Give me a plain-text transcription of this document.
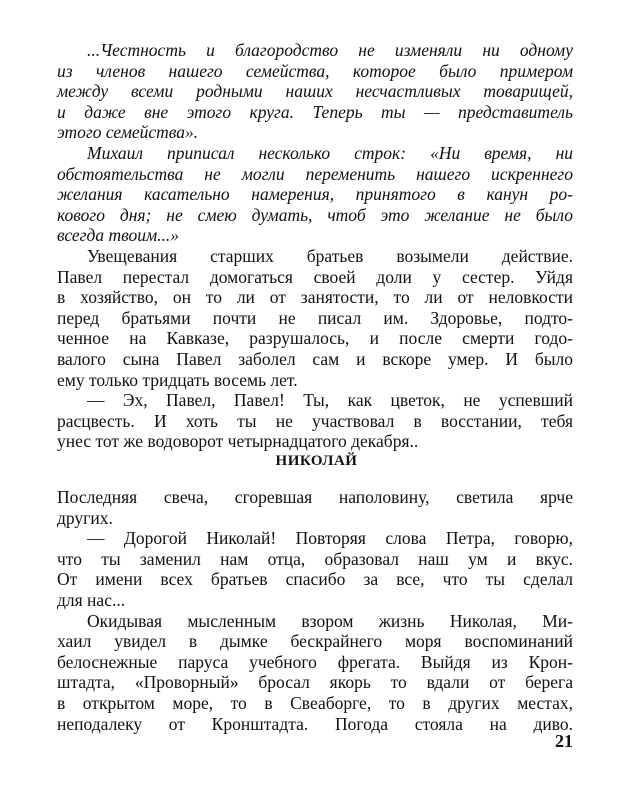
...Честность и благородство не изменяли ни одному
из членов нашего семейства, которое было примером
между всеми родными наших несчастливых товарищей,
и даже вне этого круга. Теперь ты — представитель
этого семейства».
Михаил приписал несколько строк: «Ни время, ни
обстоятельства не могли переменить нашего искреннего
желания касательно намерения, принятого в канун ро-
кового дня; не смею думать, чтоб это желание не было
всегда твоим...»
Увещевания старших братьев возымели действие.
Павел перестал домогаться своей доли у сестер. Уйдя
в хозяйство, он то ли от занятости, то ли от неловкости
перед братьями почти не писал им. Здоровье, подто-
ченное на Кавказе, разрушалось, и после смерти годо-
валого сына Павел заболел сам и вскоре умер. И было
ему только тридцать восемь лет.
— Эх, Павел, Павел! Ты, как цветок, не успевший
расцвесть. И хоть ты не участвовал в восстании, тебя
унес тот же водоворот четырнадцатого декабря..
НИКОЛАЙ
Последняя свеча, сгоревшая наполовину, светила ярче
других.
— Дорогой Николай! Повторяя слова Петра, говорю,
что ты заменил нам отца, образовал наш ум и вкус.
От имени всех братьев спасибо за все, что ты сделал
для нас...
Окидывая мысленным взором жизнь Николая, Ми-
хаил увидел в дымке бескрайнего моря воспоминаний
белоснежные паруса учебного фрегата. Выйдя из Крон-
штадта, «Проворный» бросал якорь то вдали от берега
в открытом море, то в Свеаборге, то в других местах,
неподалеку от Кронштадта. Погода стояла на диво.
21
